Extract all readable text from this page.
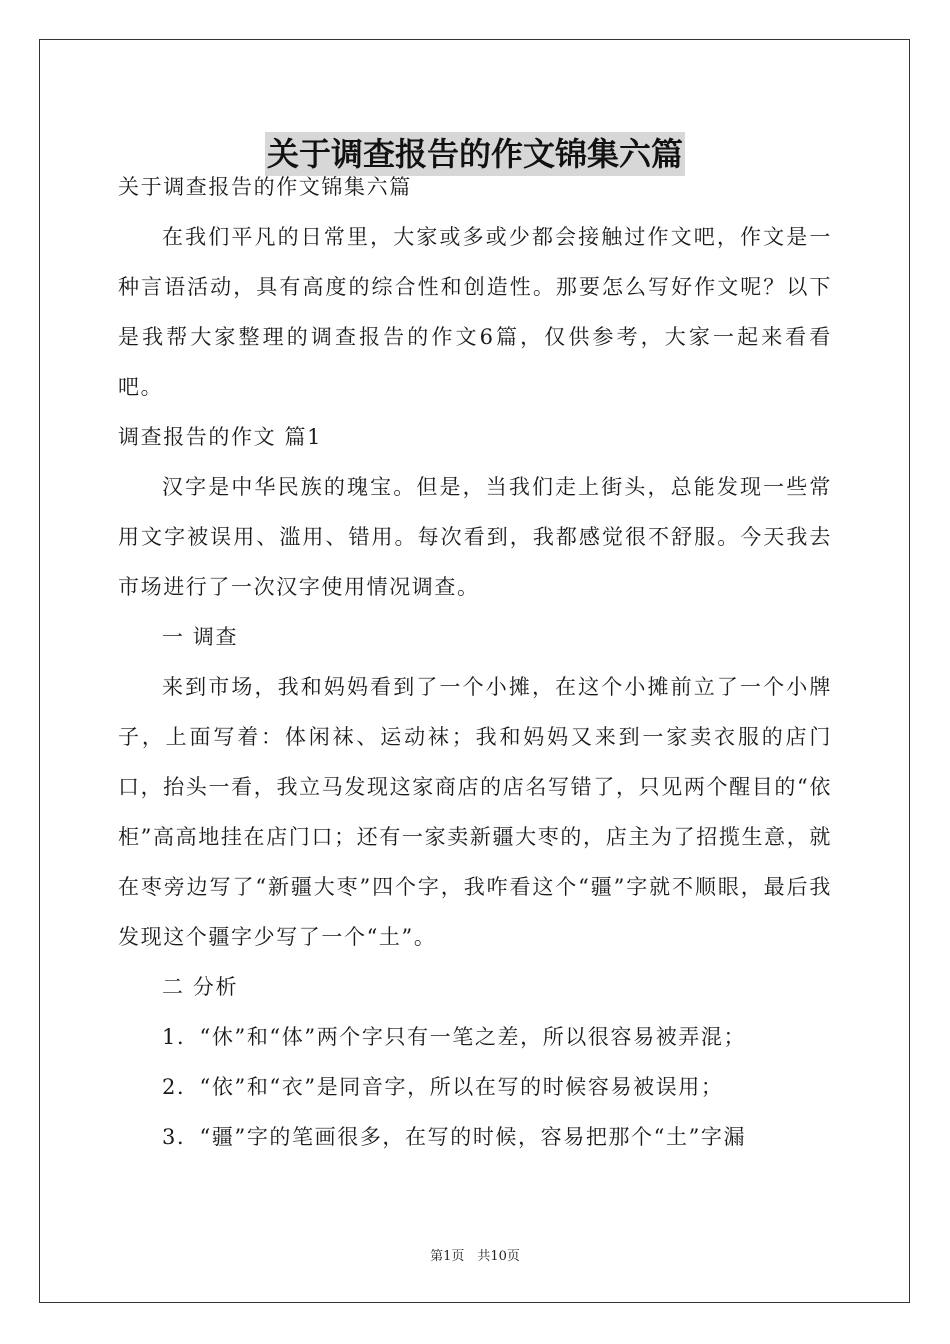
关于调查报告的作文锦集六篇

关于调查报告的作文锦集六篇

在我们平凡的日常里，大家或多或少都会接触过作文吧，作文是一种言语活动，具有高度的综合性和创造性。那要怎么写好作文呢？以下是我帮大家整理的调查报告的作文6篇，仅供参考，大家一起来看看吧。

调查报告的作文 篇1

汉字是中华民族的瑰宝。但是，当我们走上街头，总能发现一些常用文字被误用、滥用、错用。每次看到，我都感觉很不舒服。今天我去市场进行了一次汉字使用情况调查。

一 调查

来到市场，我和妈妈看到了一个小摊，在这个小摊前立了一个小牌子，上面写着：体闲袜、运动袜；我和妈妈又来到一家卖衣服的店门口，抬头一看，我立马发现这家商店的店名写错了，只见两个醒目的“依柜”高高地挂在店门口；还有一家卖新疆大枣的，店主为了招揽生意，就在枣旁边写了“新疆大枣”四个字，我咋看这个“疆”字就不顺眼，最后我发现这个疆字少写了一个“土”。

二 分析

1．“休”和“体”两个字只有一笔之差，所以很容易被弄混；

2．“依”和“衣”是同音字，所以在写的时候容易被误用；

3．“疆”字的笔画很多，在写的时候，容易把那个“土”字漏

第1页　共10页
